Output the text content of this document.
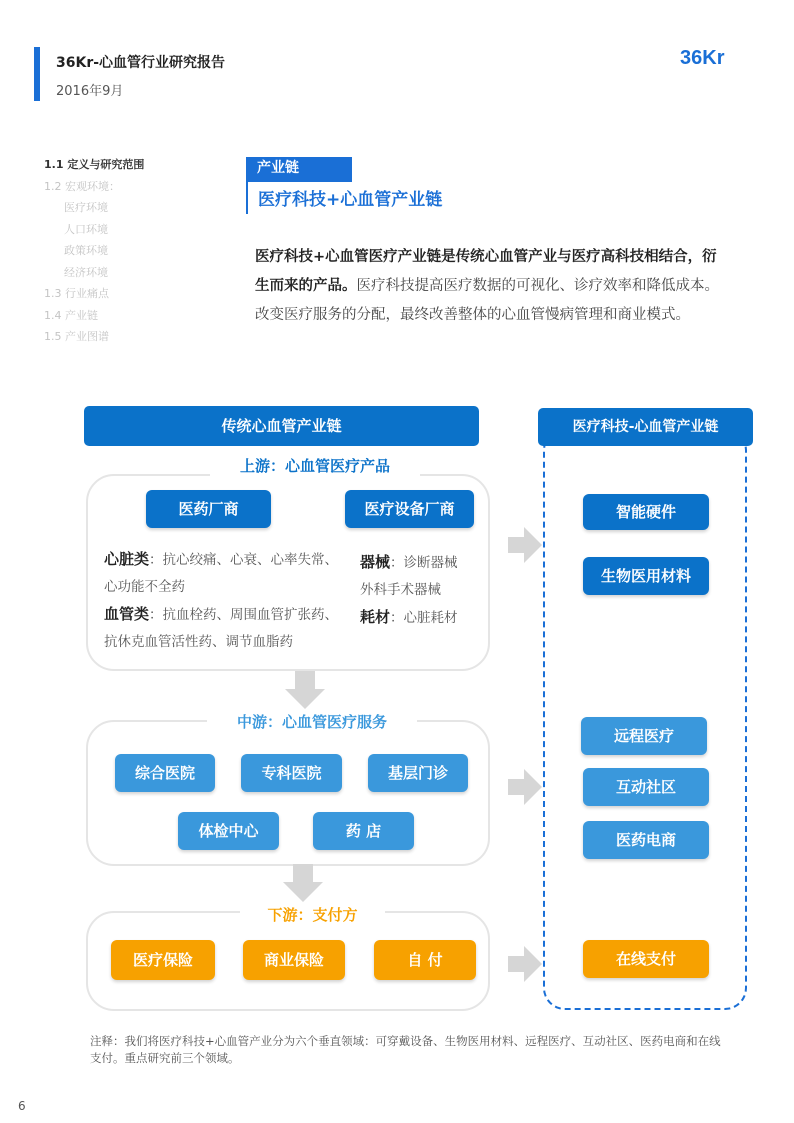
36Kr-心血管行业研究报告
2016年9月
36Kr
1.1 定义与研究范围
1.2 宏观环境：
医疗环境
人口环境
政策环境
经济环境
1.3 行业痛点
1.4 产业链
1.5 产业图谱
产业链
医疗科技+心血管产业链
医疗科技+心血管医疗产业链是传统心血管产业与医疗高科技相结合，衍生而来的产品。医疗科技提高医疗数据的可视化、诊疗效率和降低成本。改变医疗服务的分配，最终改善整体的心血管慢病管理和商业模式。
传统心血管产业链	医疗科技-心血管产业链
上游：心血管医疗产品
医药厂商	医疗设备厂商
心脏类：抗心绞痛、心衰、心率失常、心功能不全药
血管类：抗血栓药、周围血管扩张药、抗休克血管活性药、调节血脂药
器械：诊断器械
外科手术器械
耗材：心脏耗材
中游：心血管医疗服务
综合医院	专科医院	基层门诊
体检中心	药 店
下游：支付方
医疗保险	商业保险	自 付
智能硬件
生物医用材料
远程医疗
互动社区
医药电商
在线支付
注释：我们将医疗科技+心血管产业分为六个垂直领域：可穿戴设备、生物医用材料、远程医疗、互动社区、医药电商和在线支付。重点研究前三个领域。
6
